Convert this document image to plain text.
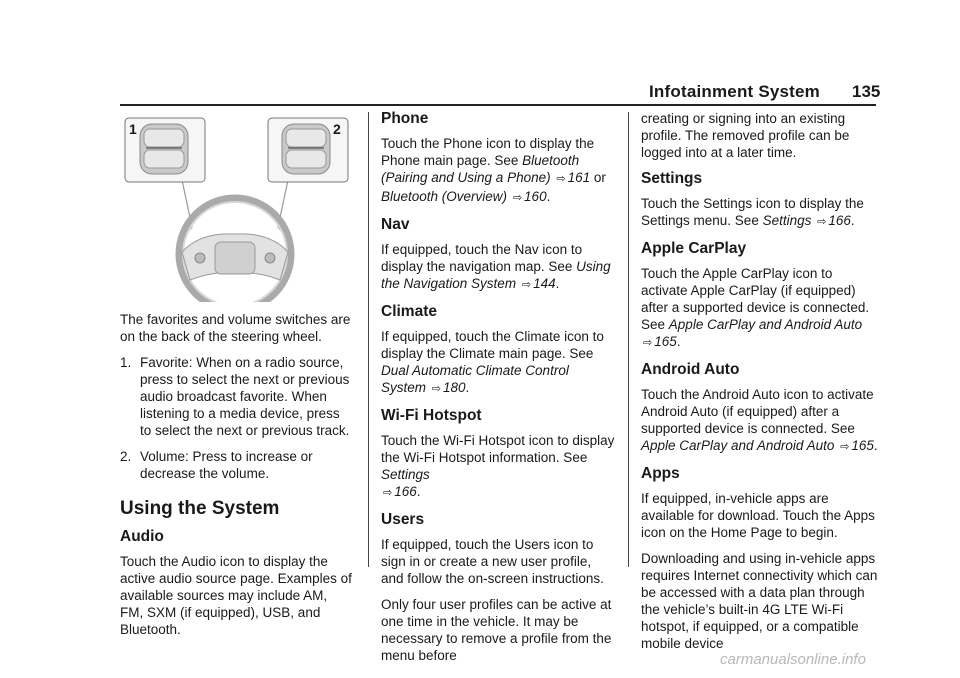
Infotainment System 135
1	2

The favorites and volume switches are on the back of the steering wheel.

1. Favorite: When on a radio source, press to select the next or previous audio broadcast favorite. When listening to a media device, press to select the next or previous track.
2. Volume: Press to increase or decrease the volume.
Using the System
Audio

Touch the Audio icon to display the active audio source page. Examples of available sources may include AM, FM, SXM (if equipped), USB, and Bluetooth.

Phone

Touch the Phone icon to display the Phone main page. See Bluetooth (Pairing and Using a Phone) ⇨ 161 or
Bluetooth (Overview) ⇨ 160.

Nav

If equipped, touch the Nav icon to display the navigation map. See Using the Navigation System ⇨ 144.

Climate

If equipped, touch the Climate icon to display the Climate main page. See Dual Automatic Climate Control System ⇨ 180.

Wi-Fi Hotspot

Touch the Wi-Fi Hotspot icon to display the Wi-Fi Hotspot information. See Settings
⇨ 166.

Users

If equipped, touch the Users icon to sign in or create a new user profile, and follow the on-screen instructions.

Only four user profiles can be active at one time in the vehicle. It may be necessary to remove a profile from the menu before

creating or signing into an existing profile. The removed profile can be logged into at a later time.

Settings

Touch the Settings icon to display the Settings menu. See Settings ⇨ 166.

Apple CarPlay

Touch the Apple CarPlay icon to activate Apple CarPlay (if equipped) after a supported device is connected. See Apple CarPlay and Android Auto ⇨ 165.

Android Auto

Touch the Android Auto icon to activate Android Auto (if equipped) after a supported device is connected. See Apple CarPlay and Android Auto ⇨ 165.

Apps

If equipped, in-vehicle apps are available for download. Touch the Apps icon on the Home Page to begin.

Downloading and using in-vehicle apps requires Internet connectivity which can be accessed with a data plan through the vehicle’s built-in 4G LTE Wi-Fi hotspot, if equipped, or a compatible mobile device

carmanualsonline.info
